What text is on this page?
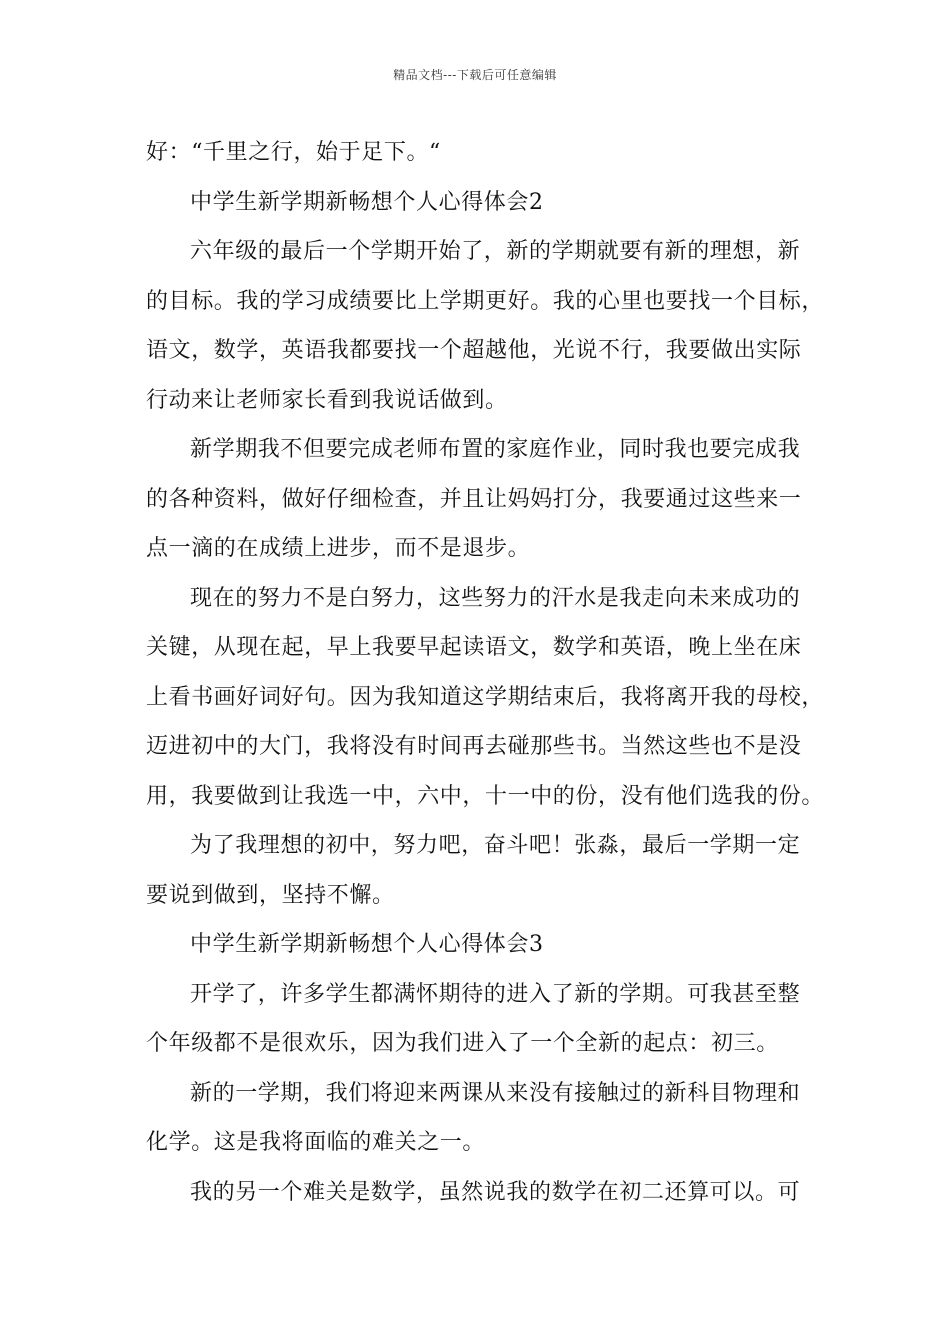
精品文档---下载后可任意编辑
好：“千里之行，始于足下。“
中学生新学期新畅想个人心得体会2
六年级的最后一个学期开始了，新的学期就要有新的理想，新
的目标。我的学习成绩要比上学期更好。我的心里也要找一个目标，
语文，数学，英语我都要找一个超越他，光说不行，我要做出实际
行动来让老师家长看到我说话做到。
新学期我不但要完成老师布置的家庭作业，同时我也要完成我
的各种资料，做好仔细检查，并且让妈妈打分，我要通过这些来一
点一滴的在成绩上进步，而不是退步。
现在的努力不是白努力，这些努力的汗水是我走向未来成功的
关键，从现在起，早上我要早起读语文，数学和英语，晚上坐在床
上看书画好词好句。因为我知道这学期结束后，我将离开我的母校，
迈进初中的大门，我将没有时间再去碰那些书。当然这些也不是没
用，我要做到让我选一中，六中，十一中的份，没有他们选我的份。
为了我理想的初中，努力吧，奋斗吧！张淼，最后一学期一定
要说到做到，坚持不懈。
中学生新学期新畅想个人心得体会3
开学了，许多学生都满怀期待的进入了新的学期。可我甚至整
个年级都不是很欢乐，因为我们进入了一个全新的起点：初三。
新的一学期，我们将迎来两课从来没有接触过的新科目物理和
化学。这是我将面临的难关之一。
我的另一个难关是数学，虽然说我的数学在初二还算可以。可
